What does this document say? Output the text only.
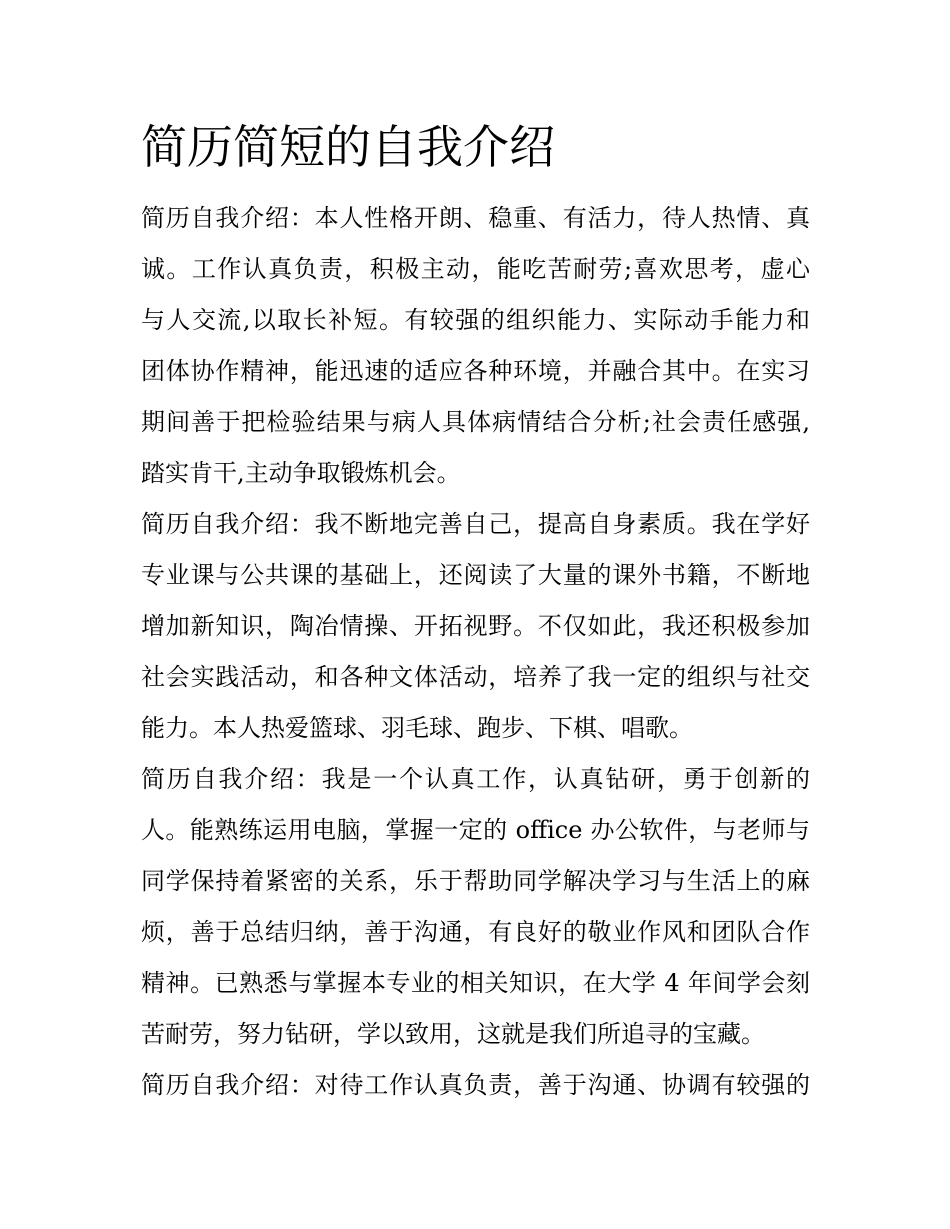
简历简短的自我介绍

简历自我介绍：本人性格开朗、稳重、有活力，待人热情、真

诚。工作认真负责，积极主动，能吃苦耐劳;喜欢思考，虚心

与人交流,以取长补短。有较强的组织能力、实际动手能力和

团体协作精神，能迅速的适应各种环境，并融合其中。在实习

期间善于把检验结果与病人具体病情结合分析;社会责任感强,

踏实肯干,主动争取锻炼机会。

简历自我介绍：我不断地完善自己，提高自身素质。我在学好

专业课与公共课的基础上，还阅读了大量的课外书籍，不断地

增加新知识，陶冶情操、开拓视野。不仅如此，我还积极参加

社会实践活动，和各种文体活动，培养了我一定的组织与社交

能力。本人热爱篮球、羽毛球、跑步、下棋、唱歌。

简历自我介绍：我是一个认真工作，认真钻研，勇于创新的

人。能熟练运用电脑，掌握一定的 office 办公软件，与老师与

同学保持着紧密的关系，乐于帮助同学解决学习与生活上的麻

烦，善于总结归纳，善于沟通，有良好的敬业作风和团队合作

精神。已熟悉与掌握本专业的相关知识，在大学 4 年间学会刻

苦耐劳，努力钻研，学以致用，这就是我们所追寻的宝藏。

简历自我介绍：对待工作认真负责，善于沟通、协调有较强的
